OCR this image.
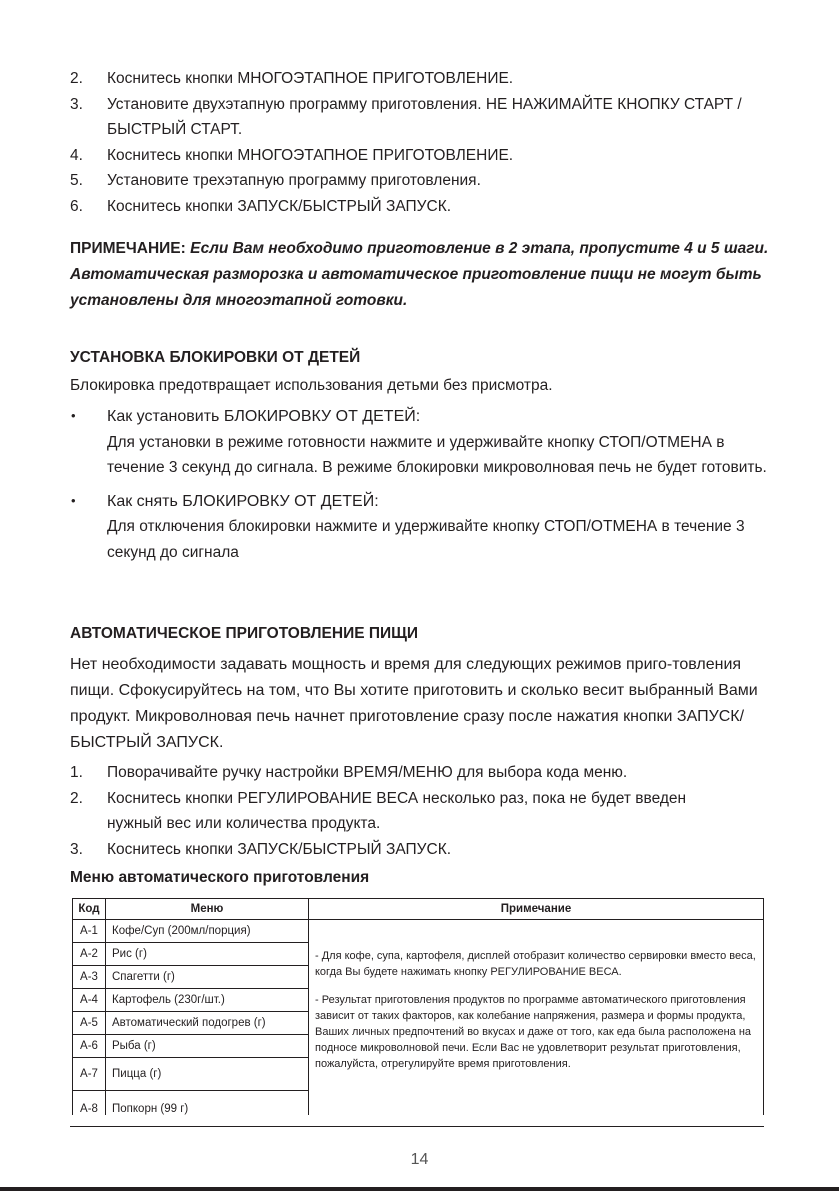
2. Коснитесь кнопки МНОГОЭТАПНОЕ ПРИГОТОВЛЕНИЕ.
3. Установите двухэтапную программу приготовления. НЕ НАЖИМАЙТЕ КНОПКУ СТАРТ / БЫСТРЫЙ СТАРТ.
4. Коснитесь кнопки МНОГОЭТАПНОЕ ПРИГОТОВЛЕНИЕ.
5. Установите трехэтапную программу приготовления.
6. Коснитесь кнопки ЗАПУСК/БЫСТРЫЙ ЗАПУСК.
ПРИМЕЧАНИЕ: Если Вам необходимо приготовление в 2 этапа, пропустите 4 и 5 шаги. Автоматическая разморозка и автоматическое приготовление пищи не могут быть установлены для многоэтапной готовки.
УСТАНОВКА БЛОКИРОВКИ ОТ ДЕТЕЙ
Блокировка предотвращает использования детьми без присмотра.
• Как установить БЛОКИРОВКУ ОТ ДЕТЕЙ:
Для установки в режиме готовности нажмите и удерживайте кнопку СТОП/ОТМЕНА в течение 3 секунд до сигнала. В режиме блокировки микроволновая печь не будет готовить.
• Как снять БЛОКИРОВКУ ОТ ДЕТЕЙ:
Для отключения блокировки нажмите и удерживайте кнопку СТОП/ОТМЕНА в течение 3 секунд до сигнала
АВТОМАТИЧЕСКОЕ ПРИГОТОВЛЕНИЕ ПИЩИ
Нет необходимости задавать мощность и время для следующих режимов приго-товления пищи. Сфокусируйтесь на том, что Вы хотите приготовить и сколько весит выбранный Вами продукт. Микроволновая печь начнет приготовление сразу после нажатия кнопки ЗАПУСК/БЫСТРЫЙ ЗАПУСК.
1. Поворачивайте ручку настройки ВРЕМЯ/МЕНЮ для выбора кода меню.
2. Коснитесь кнопки РЕГУЛИРОВАНИЕ ВЕСА несколько раз, пока не будет введен нужный вес или количества продукта.
3. Коснитесь кнопки ЗАПУСК/БЫСТРЫЙ ЗАПУСК.
Меню автоматического приготовления
Код	Меню	Примечание
A-1	Кофе/Суп (200мл/порция)	- Для кофе, супа, картофеля, дисплей отобразит количество сервировки вместо веса, когда Вы будете нажимать кнопку РЕГУЛИРОВАНИЕ ВЕСА.

- Результат приготовления продуктов по программе автоматического приготовления зависит от таких факторов, как колебание напряжения, размера и формы продукта, Ваших личных предпочтений во вкусах и даже от того, как еда была расположена на подносе микроволновой печи. Если Вас не удовлетворит результат приготовления, пожалуйста, отрегулируйте время приготовления.

A-2	Рис (г)	
A-3	Спагетти (г)	
A-4	Картофель (230г/шт.)	
A-5	Автоматический подогрев (г)	
A-6	Рыба (г)	
A-7	Пицца (г)	
A-8	Попкорн (99 г)	
14
